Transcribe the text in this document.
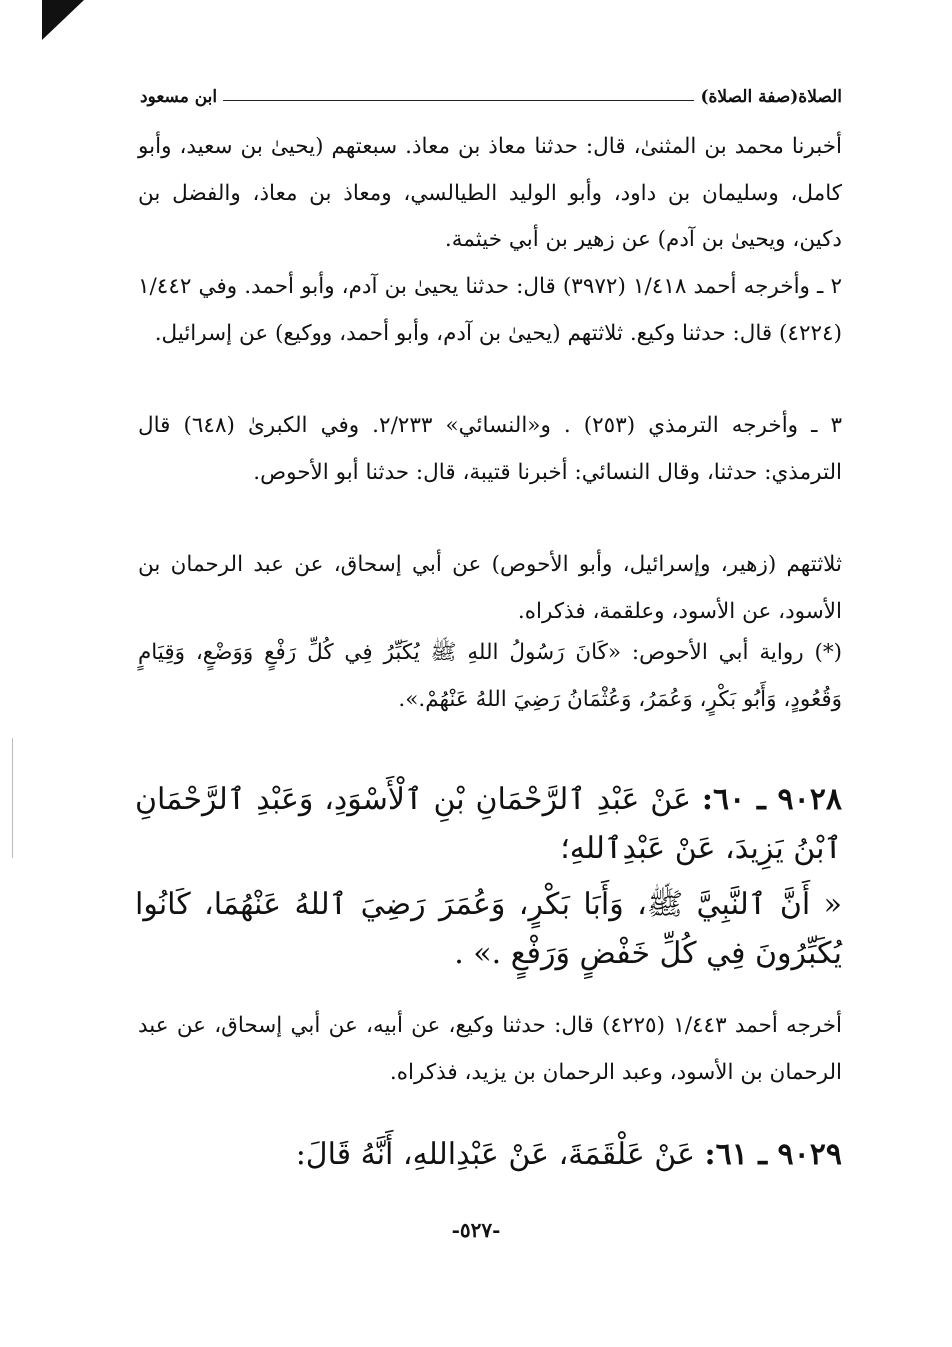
الصلاة(صفة الصلاة)
ابن مسعود
أخبرنا محمد بن المثنىٰ، قال: حدثنا معاذ بن معاذ. سبعتهم (يحيىٰ بن سعيد، وأبو كامل، وسليمان بن داود، وأبو الوليد الطيالسي، ومعاذ بن معاذ، والفضل بن دكين، ويحيىٰ بن آدم) عن زهير بن أبي خيثمة.
٢ ـ وأخرجه أحمد ١/٤١٨ (٣٩٧٢) قال: حدثنا يحيىٰ بن آدم، وأبو أحمد. وفي ١/٤٤٢ (٤٢٢٤) قال: حدثنا وكيع. ثلاثتهم (يحيىٰ بن آدم، وأبو أحمد، ووكيع) عن إسرائيل.
٣ ـ وأخرجه الترمذي (٢٥٣) . و«النسائي» ٢/٢٣٣. وفي الكبرىٰ (٦٤٨) قال الترمذي: حدثنا، وقال النسائي: أخبرنا قتيبة، قال: حدثنا أبو الأحوص.
ثلاثتهم (زهير، وإسرائيل، وأبو الأحوص) عن أبي إسحاق، عن عبد الرحمان بن الأسود، عن الأسود، وعلقمة، فذكراه.
(*) رواية أبي الأحوص: «كَانَ رَسُولُ اللهِ ﷺ يُكَبِّرُ فِي كُلِّ رَفْعٍ وَوَضْعٍ، وَقِيَامٍ وَقُعُودٍ، وَأَبُو بَكْرٍ، وَعُمَرُ، وَعُثْمَانُ رَضِيَ اللهُ عَنْهُمْ.».
٩٠٢٨ ـ ٦٠: عَنْ عَبْدِ ٱلرَّحْمَانِ بْنِ ٱلْأَسْوَدِ، وَعَبْدِ ٱلرَّحْمَانِ ٱبْنُ يَزِيدَ، عَنْ عَبْدِٱللهِ؛
« أَنَّ ٱلنَّبِيَّ ﷺ، وَأَبَا بَكْرٍ، وَعُمَرَ رَضِيَ ٱللهُ عَنْهُمَا، كَانُوا يُكَبِّرُونَ فِي كُلِّ خَفْضٍ وَرَفْعٍ .» .
أخرجه أحمد ١/٤٤٣ (٤٢٢٥) قال: حدثنا وكيع، عن أبيه، عن أبي إسحاق، عن عبد الرحمان بن الأسود، وعبد الرحمان بن يزيد، فذكراه.
٩٠٢٩ ـ ٦١: عَنْ عَلْقَمَةَ، عَنْ عَبْدِاللهِ، أَنَّهُ قَالَ:
-٥٢٧-
